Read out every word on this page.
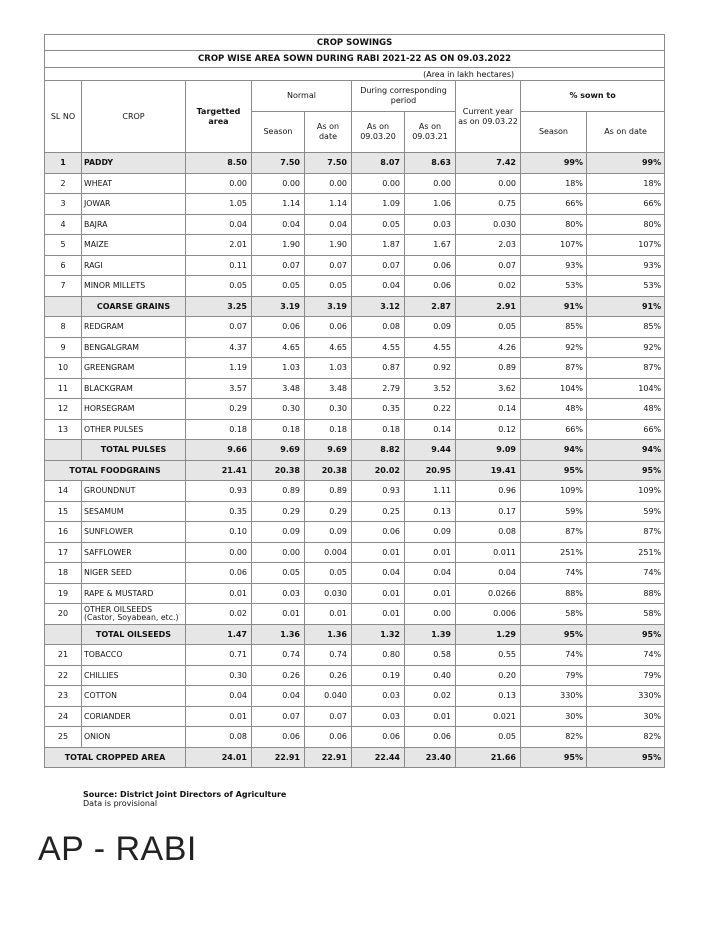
CROP SOWINGS									
CROP WISE AREA SOWN DURING RABI 2021-22 AS ON 09.03.2022									
(Area in lakh hectares)									
SL NO	CROP	Targetted area	Normal		During corresponding period		Current year as on 09.03.22	% sown to	
			Season	As on date	As on 09.03.20	As on 09.03.21		Season	As on date
1	PADDY	8.50	7.50	7.50	8.07	8.63	7.42	99%	99%
2	WHEAT	0.00	0.00	0.00	0.00	0.00	0.00	18%	18%
3	JOWAR	1.05	1.14	1.14	1.09	1.06	0.75	66%	66%
4	BAJRA	0.04	0.04	0.04	0.05	0.03	0.030	80%	80%
5	MAIZE	2.01	1.90	1.90	1.87	1.67	2.03	107%	107%
6	RAGI	0.11	0.07	0.07	0.07	0.06	0.07	93%	93%
7	MINOR MILLETS	0.05	0.05	0.05	0.04	0.06	0.02	53%	53%
	COARSE GRAINS	3.25	3.19	3.19	3.12	2.87	2.91	91%	91%
8	REDGRAM	0.07	0.06	0.06	0.08	0.09	0.05	85%	85%
9	BENGALGRAM	4.37	4.65	4.65	4.55	4.55	4.26	92%	92%
10	GREENGRAM	1.19	1.03	1.03	0.87	0.92	0.89	87%	87%
11	BLACKGRAM	3.57	3.48	3.48	2.79	3.52	3.62	104%	104%
12	HORSEGRAM	0.29	0.30	0.30	0.35	0.22	0.14	48%	48%
13	OTHER PULSES	0.18	0.18	0.18	0.18	0.14	0.12	66%	66%
	TOTAL PULSES	9.66	9.69	9.69	8.82	9.44	9.09	94%	94%
TOTAL FOODGRAINS		21.41	20.38	20.38	20.02	20.95	19.41	95%	95%
14	GROUNDNUT	0.93	0.89	0.89	0.93	1.11	0.96	109%	109%
15	SESAMUM	0.35	0.29	0.29	0.25	0.13	0.17	59%	59%
16	SUNFLOWER	0.10	0.09	0.09	0.06	0.09	0.08	87%	87%
17	SAFFLOWER	0.00	0.00	0.004	0.01	0.01	0.011	251%	251%
18	NIGER SEED	0.06	0.05	0.05	0.04	0.04	0.04	74%	74%
19	RAPE & MUSTARD	0.01	0.03	0.030	0.01	0.01	0.0266	88%	88%
20	OTHER OILSEEDS (Castor, Soyabean, etc.)	0.02	0.01	0.01	0.01	0.00	0.006	58%	58%
	TOTAL OILSEEDS	1.47	1.36	1.36	1.32	1.39	1.29	95%	95%
21	TOBACCO	0.71	0.74	0.74	0.80	0.58	0.55	74%	74%
22	CHILLIES	0.30	0.26	0.26	0.19	0.40	0.20	79%	79%
23	COTTON	0.04	0.04	0.040	0.03	0.02	0.13	330%	330%
24	CORIANDER	0.01	0.07	0.07	0.03	0.01	0.021	30%	30%
25	ONION	0.08	0.06	0.06	0.06	0.06	0.05	82%	82%
TOTAL CROPPED AREA		24.01	22.91	22.91	22.44	23.40	21.66	95%	95%
Source: District Joint Directors of Agriculture
Data is provisional
AP - RABI
